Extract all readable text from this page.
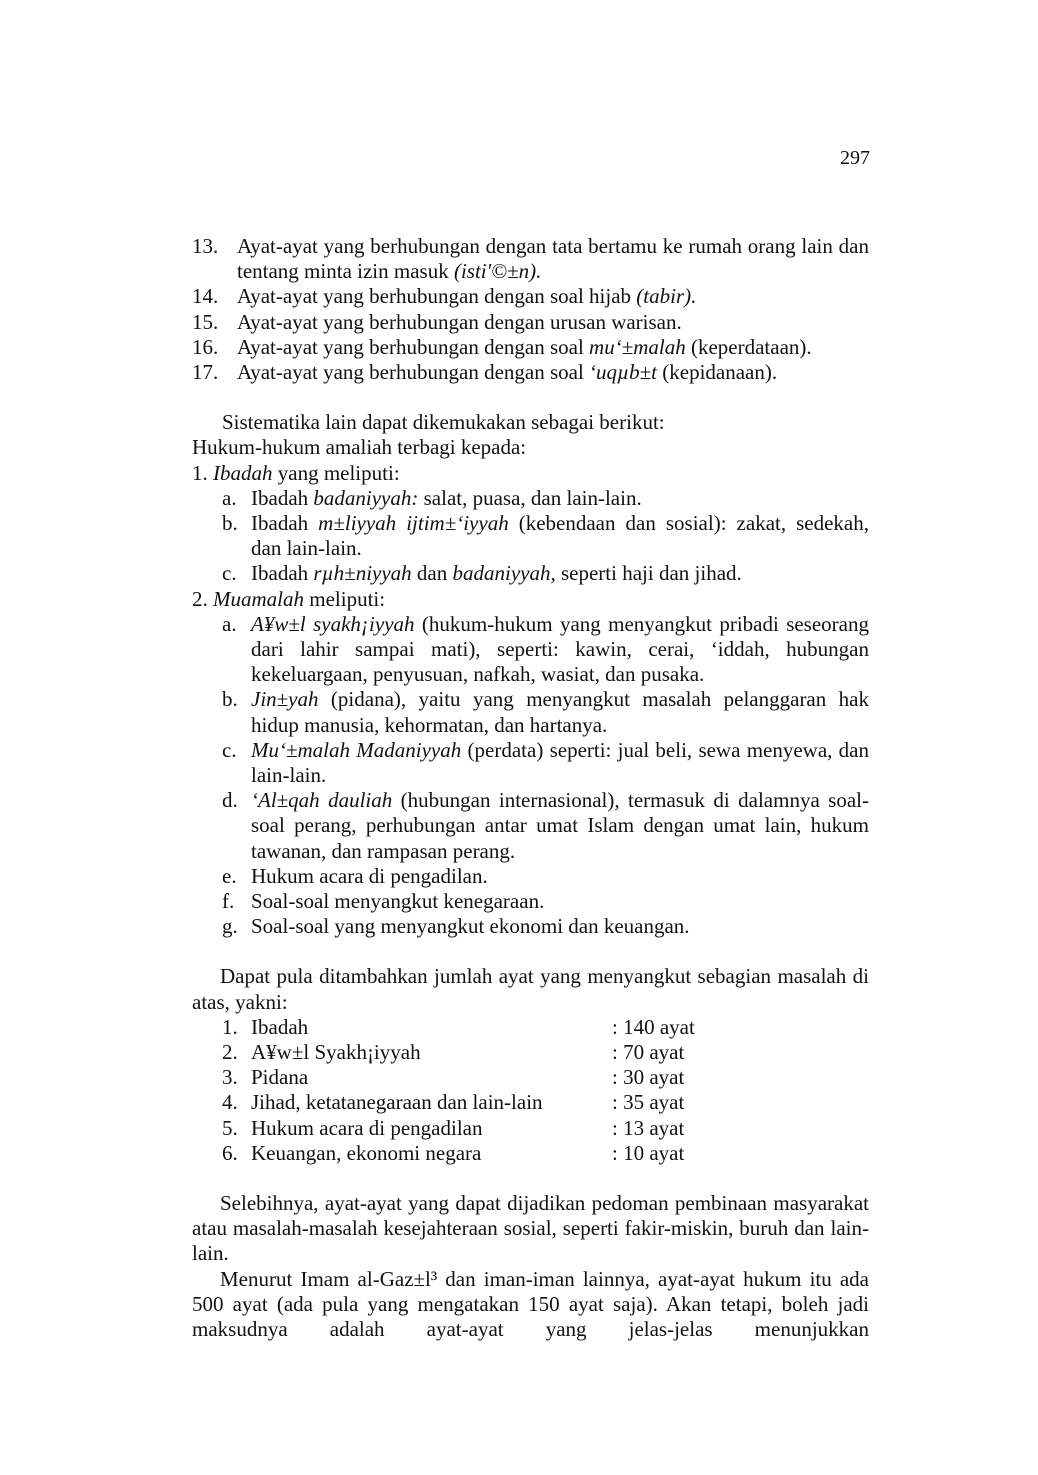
297
13. Ayat-ayat yang berhubungan dengan tata bertamu ke rumah orang lain dan tentang minta izin masuk (isti'©±n).
14. Ayat-ayat yang berhubungan dengan soal hijab (tabir).
15. Ayat-ayat yang berhubungan dengan urusan warisan.
16. Ayat-ayat yang berhubungan dengan soal mu‘±malah (keperdataan).
17. Ayat-ayat yang berhubungan dengan soal ‘uqµb±t (kepidanaan).
Sistematika lain dapat dikemukakan sebagai berikut:
Hukum-hukum amaliah terbagi kepada:
1. Ibadah yang meliputi:
a. Ibadah badaniyyah: salat, puasa, dan lain-lain.
b. Ibadah m±liyyah ijtim±‘iyyah (kebendaan dan sosial): zakat, sedekah, dan lain-lain.
c. Ibadah rµh±niyyah dan badaniyyah, seperti haji dan jihad.
2. Muamalah meliputi:
a. A¥w±l syakh¡iyyah (hukum-hukum yang menyangkut pribadi seseorang dari lahir sampai mati), seperti: kawin, cerai, ‘iddah, hubungan kekeluargaan, penyusuan, nafkah, wasiat, dan pusaka.
b. Jin±yah (pidana), yaitu yang menyangkut masalah pelanggaran hak hidup manusia, kehormatan, dan hartanya.
c. Mu‘±malah Madaniyyah (perdata) seperti: jual beli, sewa menyewa, dan lain-lain.
d. ‘Al±qah dauliah (hubungan internasional), termasuk di dalamnya soal-soal perang, perhubungan antar umat Islam dengan umat lain, hukum tawanan, dan rampasan perang.
e. Hukum acara di pengadilan.
f. Soal-soal menyangkut kenegaraan.
g. Soal-soal yang menyangkut ekonomi dan keuangan.
Dapat pula ditambahkan jumlah ayat yang menyangkut sebagian masalah di atas, yakni:
1. Ibadah	: 140 ayat
2. A¥w±l Syakh¡iyyah	: 70 ayat
3. Pidana	: 30 ayat
4. Jihad, ketatanegaraan dan lain-lain	: 35 ayat
5. Hukum acara di pengadilan	: 13 ayat
6. Keuangan, ekonomi negara	: 10 ayat
Selebihnya, ayat-ayat yang dapat dijadikan pedoman pembinaan masyarakat atau masalah-masalah kesejahteraan sosial, seperti fakir-miskin, buruh dan lain-lain.
Menurut Imam al-Gaz±l³ dan iman-iman lainnya, ayat-ayat hukum itu ada 500 ayat (ada pula yang mengatakan 150 ayat saja). Akan tetapi, boleh jadi maksudnya adalah ayat-ayat yang jelas-jelas menunjukkan
